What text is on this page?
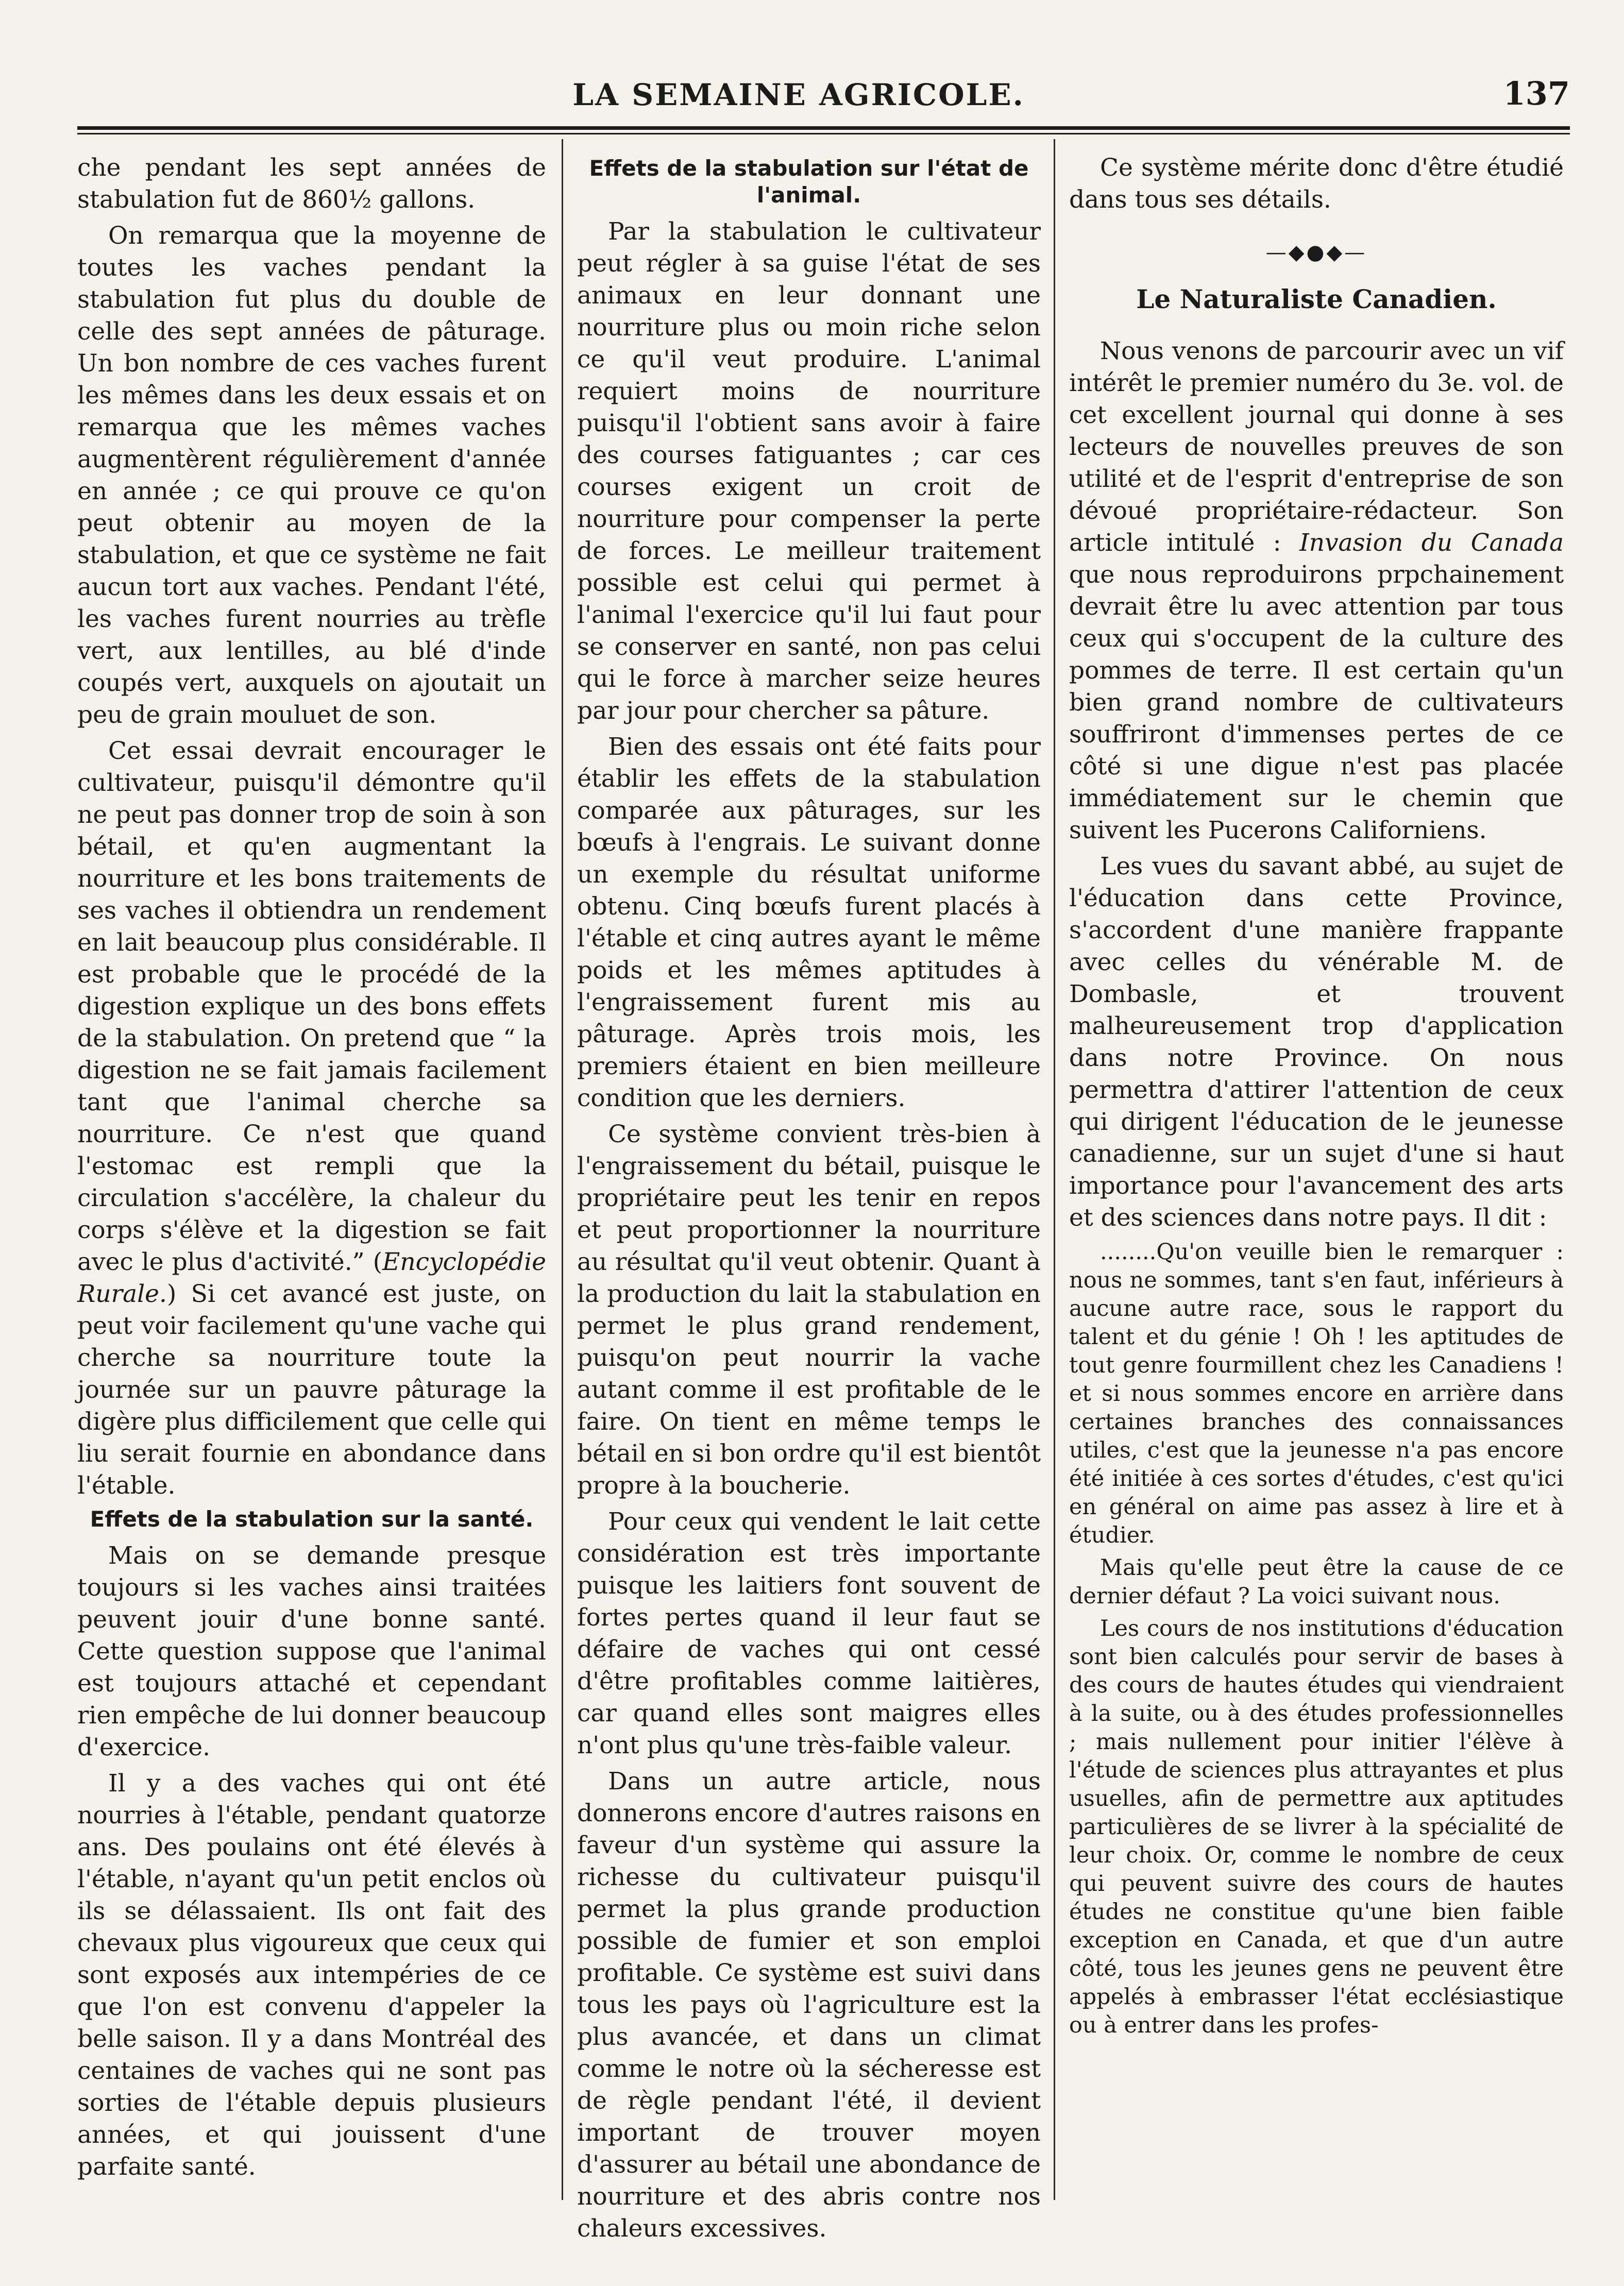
LA SEMAINE AGRICOLE.	137

che pendant les sept années de stabulation fut de 860½ gallons.

On remarqua que la moyenne de toutes les vaches pendant la stabulation fut plus du double de celle des sept années de pâturage. Un bon nombre de ces vaches furent les mêmes dans les deux essais et on remarqua que les mêmes vaches augmentèrent régulièrement d'année en année ; ce qui prouve ce qu'on peut obtenir au moyen de la stabulation, et que ce système ne fait aucun tort aux vaches. Pendant l'été, les vaches furent nourries au trèfle vert, aux lentilles, au blé d'inde coupés vert, auxquels on ajoutait un peu de grain mouluet de son.

Cet essai devrait encourager le cultivateur, puisqu'il démontre qu'il ne peut pas donner trop de soin à son bétail, et qu'en augmentant la nourriture et les bons traitements de ses vaches il obtiendra un rendement en lait beaucoup plus considérable. Il est probable que le procédé de la digestion explique un des bons effets de la stabulation. On pretend que “ la digestion ne se fait jamais facilement tant que l'animal cherche sa nourriture. Ce n'est que quand l'estomac est rempli que la circulation s'accélère, la chaleur du corps s'élève et la digestion se fait avec le plus d'activité.” (Encyclopédie Rurale.) Si cet avancé est juste, on peut voir facilement qu'une vache qui cherche sa nourriture toute la journée sur un pauvre pâturage la digère plus difficilement que celle qui liu serait fournie en abondance dans l'étable.

Effets de la stabulation sur la santé.

Mais on se demande presque toujours si les vaches ainsi traitées peuvent jouir d'une bonne santé. Cette question suppose que l'animal est toujours attaché et cependant rien empêche de lui donner beaucoup d'exercice.

Il y a des vaches qui ont été nourries à l'étable, pendant quatorze ans. Des poulains ont été élevés à l'étable, n'ayant qu'un petit enclos où ils se délassaient. Ils ont fait des chevaux plus vigoureux que ceux qui sont exposés aux intempéries de ce que l'on est convenu d'appeler la belle saison. Il y a dans Montréal des centaines de vaches qui ne sont pas sorties de l'étable depuis plusieurs années, et qui jouissent d'une parfaite santé.

Effets de la stabulation sur l'état de l'animal.

Par la stabulation le cultivateur peut régler à sa guise l'état de ses animaux en leur donnant une nourriture plus ou moin riche selon ce qu'il veut produire. L'animal requiert moins de nourriture puisqu'il l'obtient sans avoir à faire des courses fatiguantes ; car ces courses exigent un croit de nourriture pour compenser la perte de forces. Le meilleur traitement possible est celui qui permet à l'animal l'exercice qu'il lui faut pour se conserver en santé, non pas celui qui le force à marcher seize heures par jour pour chercher sa pâture.

Bien des essais ont été faits pour établir les effets de la stabulation comparée aux pâturages, sur les bœufs à l'engrais. Le suivant donne un exemple du résultat uniforme obtenu. Cinq bœufs furent placés à l'étable et cinq autres ayant le même poids et les mêmes aptitudes à l'engraissement furent mis au pâturage. Après trois mois, les premiers étaient en bien meilleure condition que les derniers.

Ce système convient très-bien à l'engraissement du bétail, puisque le propriétaire peut les tenir en repos et peut proportionner la nourriture au résultat qu'il veut obtenir. Quant à la production du lait la stabulation en permet le plus grand rendement, puisqu'on peut nourrir la vache autant comme il est profitable de le faire. On tient en même temps le bétail en si bon ordre qu'il est bientôt propre à la boucherie.

Pour ceux qui vendent le lait cette considération est très importante puisque les laitiers font souvent de fortes pertes quand il leur faut se défaire de vaches qui ont cessé d'être profitables comme laitières, car quand elles sont maigres elles n'ont plus qu'une très-faible valeur.

Dans un autre article, nous donnerons encore d'autres raisons en faveur d'un système qui assure la richesse du cultivateur puisqu'il permet la plus grande production possible de fumier et son emploi profitable. Ce système est suivi dans tous les pays où l'agriculture est la plus avancée, et dans un climat comme le notre où la sécheresse est de règle pendant l'été, il devient important de trouver moyen d'assurer au bétail une abondance de nourriture et des abris contre nos chaleurs excessives.

Ce système mérite donc d'être étudié dans tous ses détails.

—◆●◆—
Le Naturaliste Canadien.

Nous venons de parcourir avec un vif intérêt le premier numéro du 3e. vol. de cet excellent journal qui donne à ses lecteurs de nouvelles preuves de son utilité et de l'esprit d'entreprise de son dévoué propriétaire-rédacteur. Son article intitulé : Invasion du Canada que nous reproduirons prpchainement devrait être lu avec attention par tous ceux qui s'occupent de la culture des pommes de terre. Il est certain qu'un bien grand nombre de cultivateurs souffriront d'immenses pertes de ce côté si une digue n'est pas placée immédiatement sur le chemin que suivent les Pucerons Californiens.

Les vues du savant abbé, au sujet de l'éducation dans cette Province, s'accordent d'une manière frappante avec celles du vénérable M. de Dombasle, et trouvent malheureusement trop d'application dans notre Province. On nous permettra d'attirer l'attention de ceux qui dirigent l'éducation de le jeunesse canadienne, sur un sujet d'une si haut importance pour l'avancement des arts et des sciences dans notre pays. Il dit :

........Qu'on veuille bien le remarquer : nous ne sommes, tant s'en faut, inférieurs à aucune autre race, sous le rapport du talent et du génie ! Oh ! les aptitudes de tout genre fourmillent chez les Canadiens ! et si nous sommes encore en arrière dans certaines branches des connaissances utiles, c'est que la jeunesse n'a pas encore été initiée à ces sortes d'études, c'est qu'ici en général on aime pas assez à lire et à étudier.

Mais qu'elle peut être la cause de ce dernier défaut ? La voici suivant nous.

Les cours de nos institutions d'éducation sont bien calculés pour servir de bases à des cours de hautes études qui viendraient à la suite, ou à des études professionnelles ; mais nullement pour initier l'élève à l'étude de sciences plus attrayantes et plus usuelles, afin de permettre aux aptitudes particulières de se livrer à la spécialité de leur choix. Or, comme le nombre de ceux qui peuvent suivre des cours de hautes études ne constitue qu'une bien faible exception en Canada, et que d'un autre côté, tous les jeunes gens ne peuvent être appelés à embrasser l'état ecclésiastique ou à entrer dans les profes-
